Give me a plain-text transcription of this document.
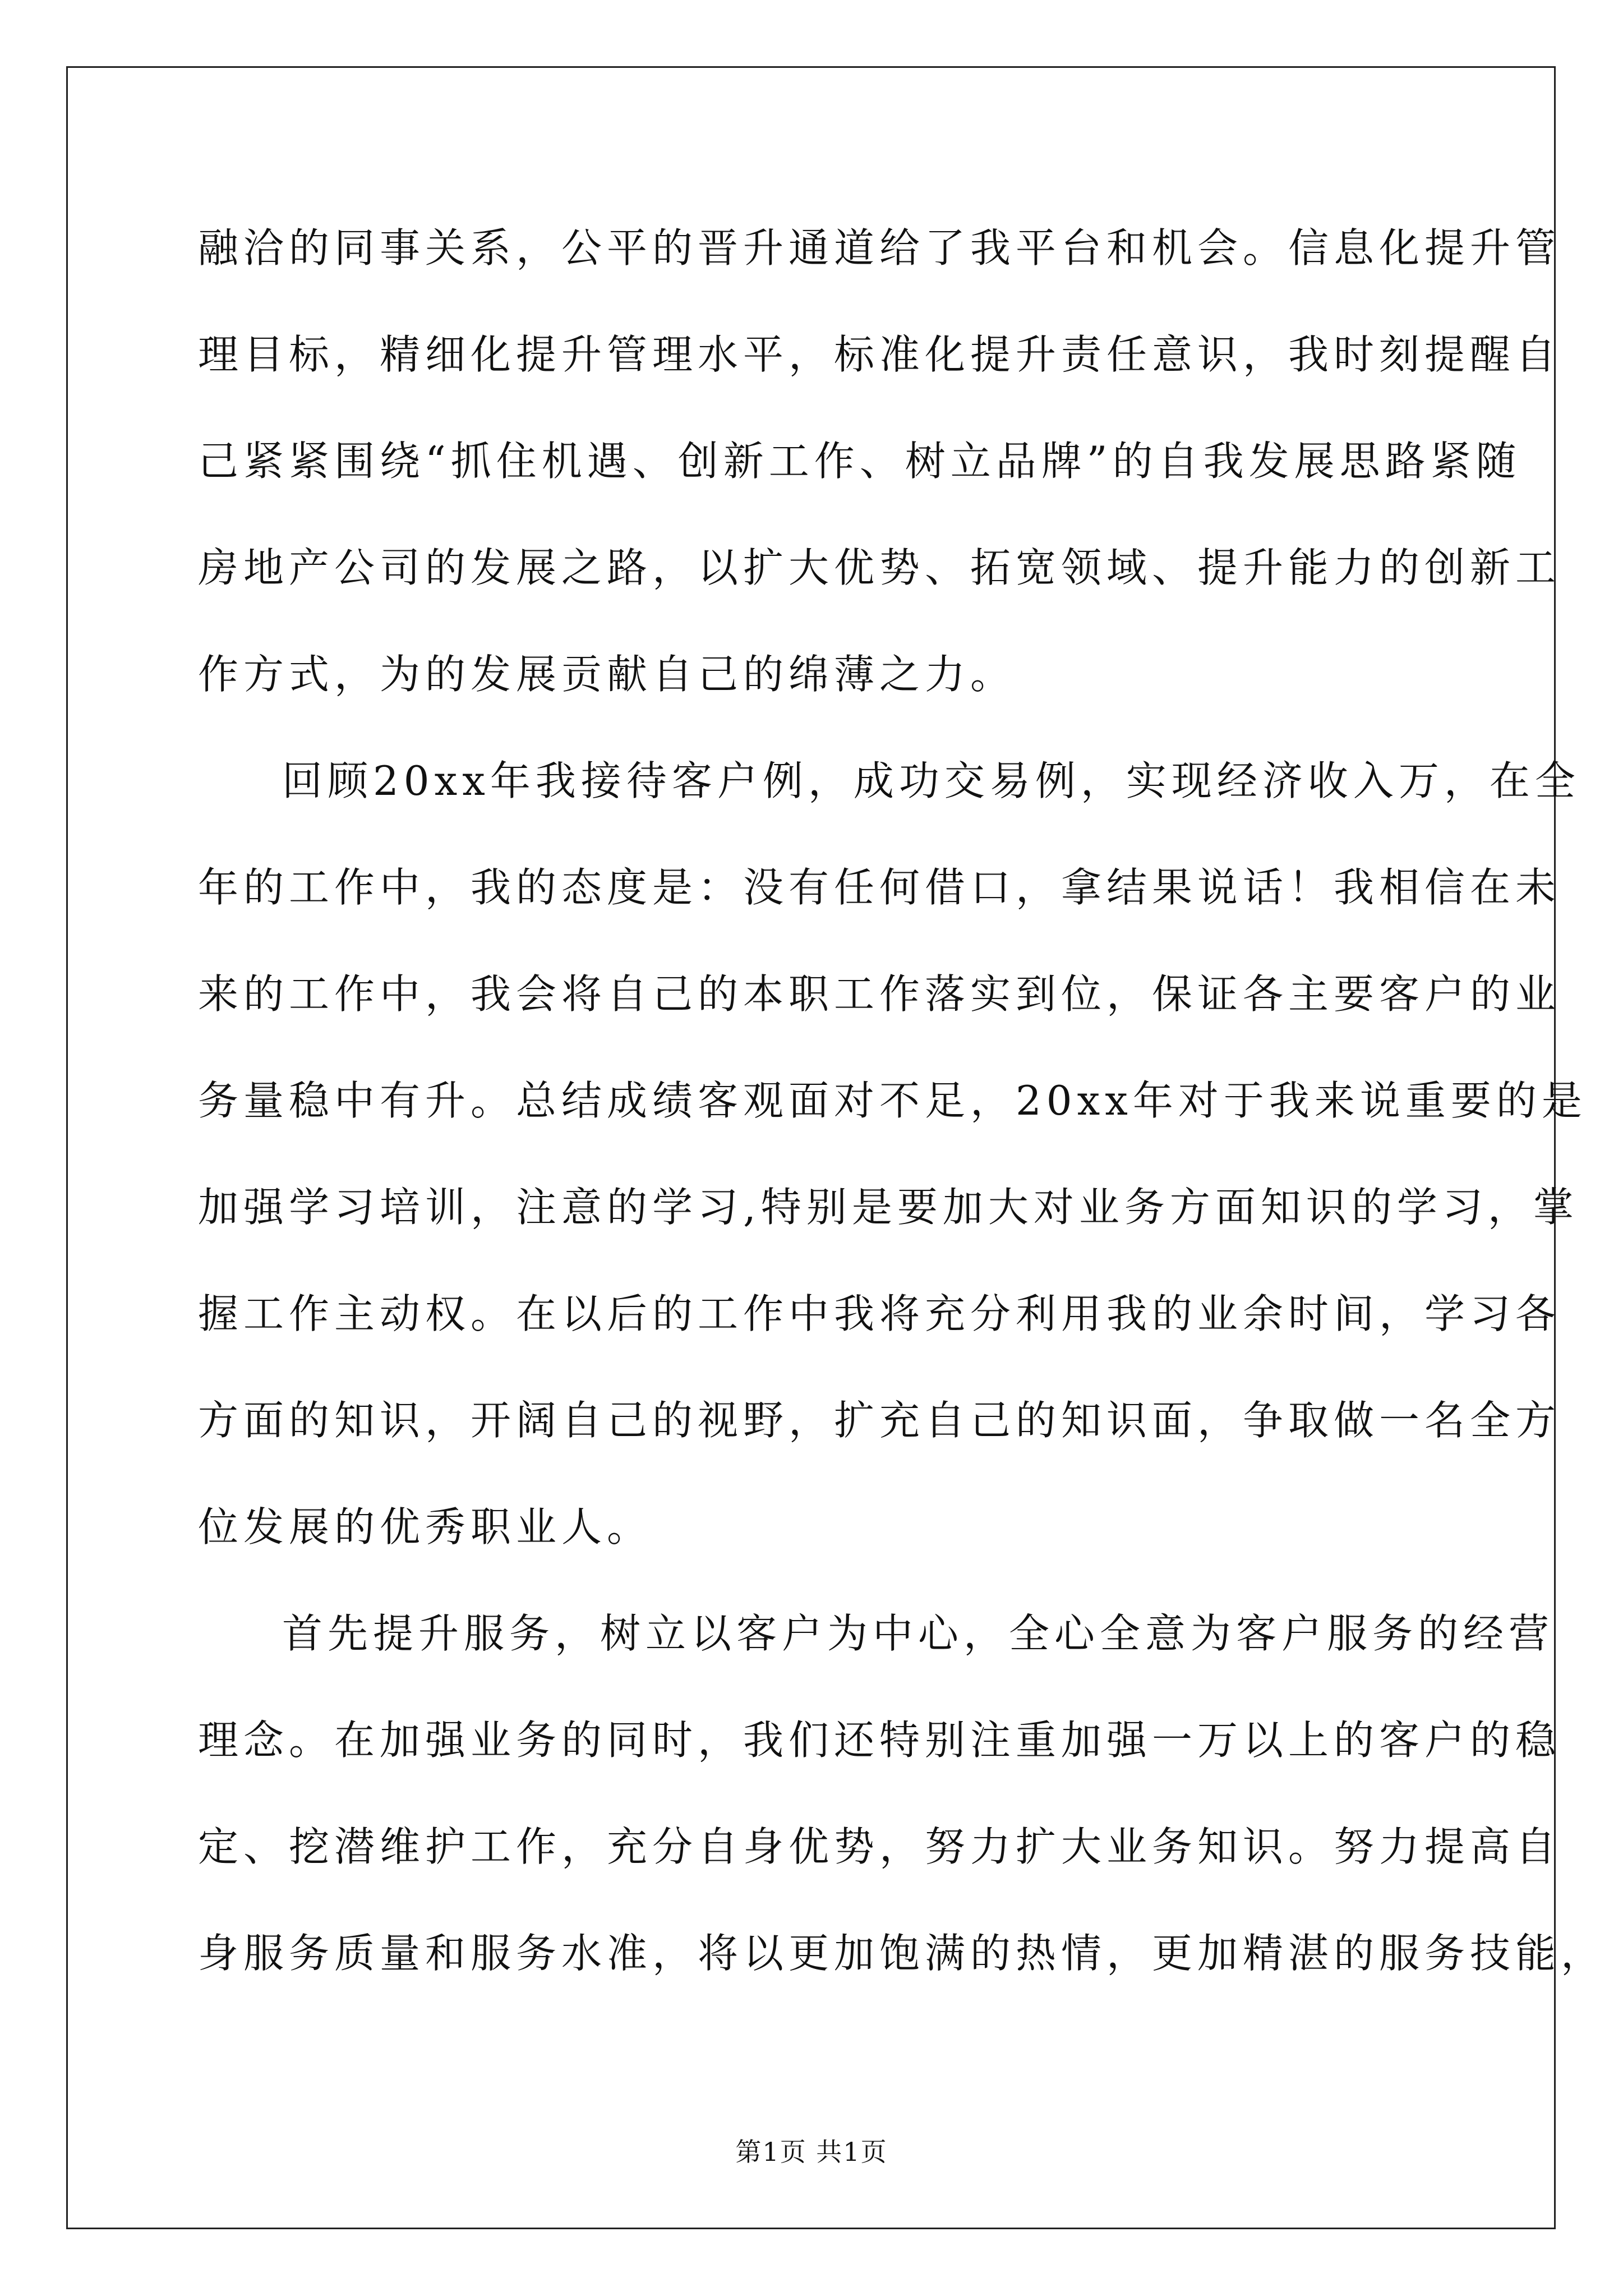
融洽的同事关系，公平的晋升通道给了我平台和机会。信息化提升管
理目标，精细化提升管理水平，标准化提升责任意识，我时刻提醒自
己紧紧围绕“抓住机遇、创新工作、树立品牌”的自我发展思路紧随
房地产公司的发展之路，以扩大优势、拓宽领域、提升能力的创新工
作方式，为的发展贡献自己的绵薄之力。
回顾20xx年我接待客户例，成功交易例，实现经济收入万，在全
年的工作中，我的态度是：没有任何借口，拿结果说话！我相信在未
来的工作中，我会将自己的本职工作落实到位，保证各主要客户的业
务量稳中有升。总结成绩客观面对不足，20xx年对于我来说重要的是
加强学习培训，注意的学习,特别是要加大对业务方面知识的学习，掌
握工作主动权。在以后的工作中我将充分利用我的业余时间，学习各
方面的知识，开阔自己的视野，扩充自己的知识面，争取做一名全方
位发展的优秀职业人。
首先提升服务，树立以客户为中心，全心全意为客户服务的经营
理念。在加强业务的同时，我们还特别注重加强一万以上的客户的稳
定、挖潜维护工作，充分自身优势，努力扩大业务知识。努力提高自
身服务质量和服务水准，将以更加饱满的热情，更加精湛的服务技能，
第1页 共1页
